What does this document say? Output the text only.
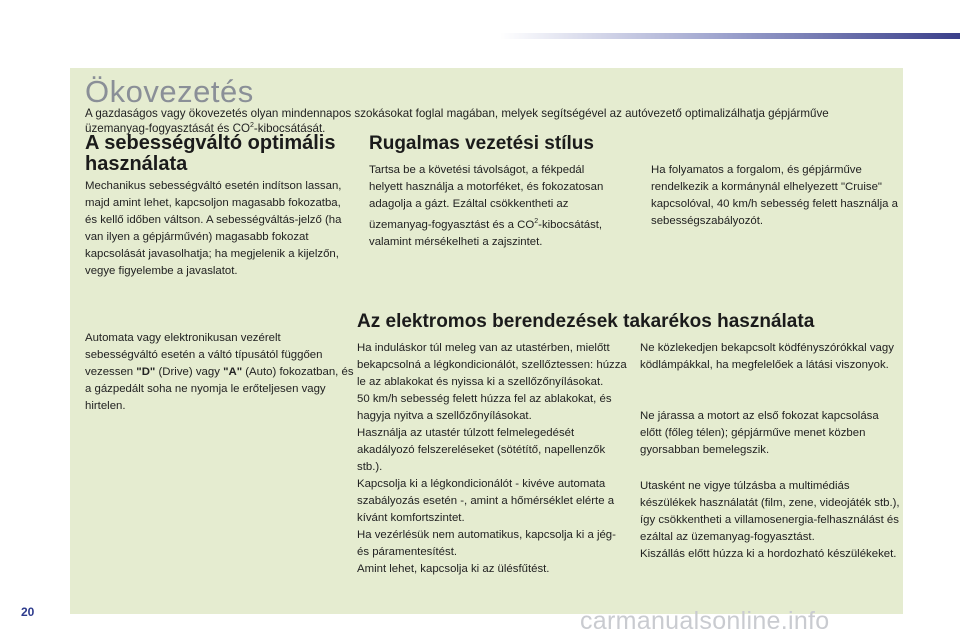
Ökovezetés
A gazdaságos vagy ökovezetés olyan mindennapos szokásokat foglal magában, melyek segítségével az autóvezető optimalizálhatja gépjárműve üzemanyag-fogyasztását és $CO^2$-kibocsátását.
A sebességváltó optimális használata

Mechanikus sebességváltó esetén indítson lassan, majd amint lehet, kapcsoljon magasabb fokozatba, és kellő időben váltson. A sebességváltás-jelző (ha van ilyen a gépjárművén) magasabb fokozat kapcsolását javasolhatja; ha megjelenik a kijelzőn, vegye figyelembe a javaslatot.

Automata vagy elektronikusan vezérelt sebességváltó esetén a váltó típusától függően vezessen "D" (Drive) vagy "A" (Auto) fokozatban, és a gázpedált soha ne nyomja le erőteljesen vagy hirtelen.

Rugalmas vezetési stílus

Tartsa be a követési távolságot, a fékpedál helyett használja a motorféket, és fokozatosan adagolja a gázt. Ezáltal csökkentheti az üzemanyag-fogyasztást és a $CO^2$-kibocsátást, valamint mérsékelheti a zajszintet.

Ha folyamatos a forgalom, és gépjárműve rendelkezik a kormánynál elhelyezett "Cruise" kapcsolóval, 40 km/h sebesség felett használja a sebességszabályozót.

Az elektromos berendezések takarékos használata

Ha induláskor túl meleg van az utastérben, mielőtt bekapcsolná a légkondicionálót, szellőztessen: húzza le az ablakokat és nyissa ki a szellőzőnyílásokat.
50 km/h sebesség felett húzza fel az ablakokat, és hagyja nyitva a szellőzőnyílásokat.
Használja az utastér túlzott felmelegedését akadályozó felszereléseket (sötétítő, napellenzők stb.).
Kapcsolja ki a légkondicionálót - kivéve automata szabályozás esetén -, amint a hőmérséklet elérte a kívánt komfortszintet.
Ha vezérlésük nem automatikus, kapcsolja ki a jég- és páramentesítést.
Amint lehet, kapcsolja ki az ülésfűtést.

Ne közlekedjen bekapcsolt ködfényszórókkal vagy ködlámpákkal, ha megfelelőek a látási viszonyok.

Ne járassa a motort az első fokozat kapcsolása előtt (főleg télen); gépjárműve menet közben gyorsabban bemelegszik.

Utasként ne vigye túlzásba a multimédiás készülékek használatát (film, zene, videojáték stb.), így csökkentheti a villamosenergia-felhasználást és ezáltal az üzemanyag-fogyasztást.
Kiszállás előtt húzza ki a hordozható készülékeket.

20	carmanualsonline.info
